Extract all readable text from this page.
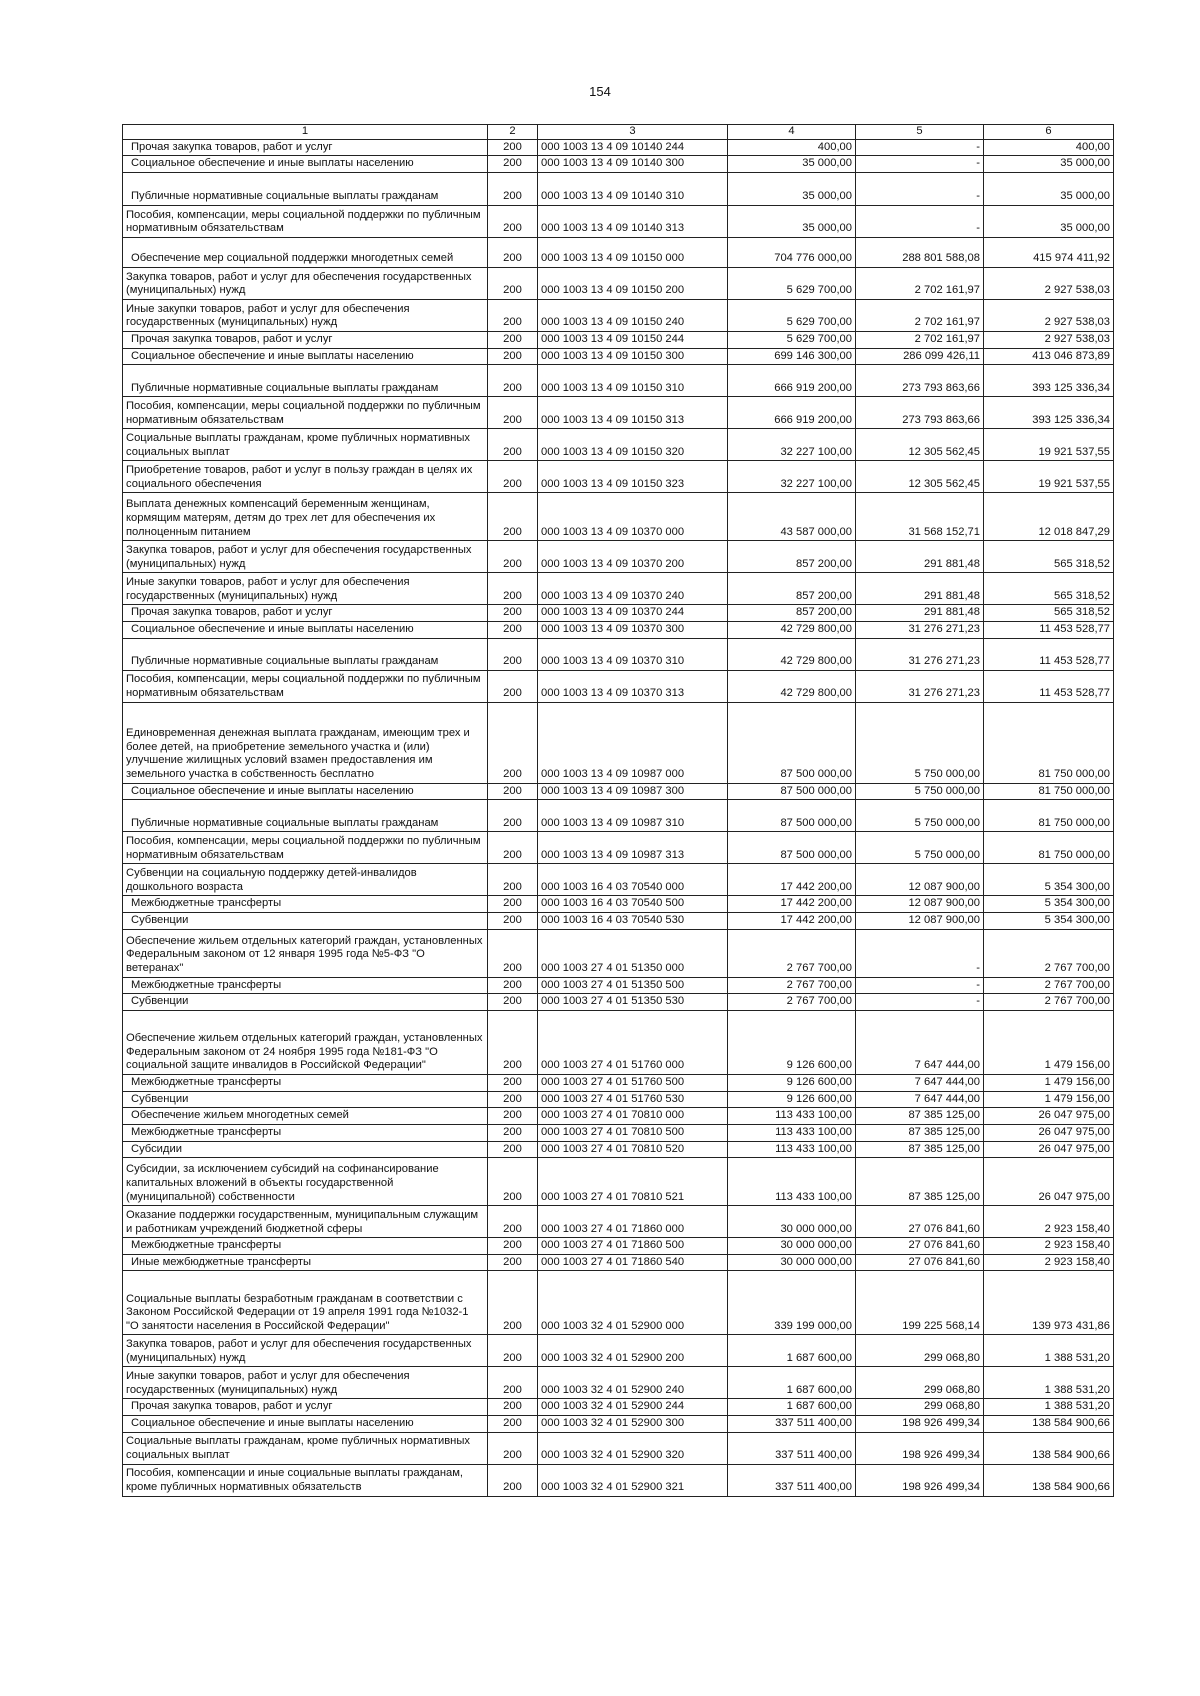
154
1	2	3	4	5	6
Прочая закупка товаров, работ и услуг	200	000 1003 13 4 09 10140 244	400,00	-	400,00
Социальное обеспечение и иные выплаты населению	200	000 1003 13 4 09 10140 300	35 000,00	-	35 000,00
Публичные нормативные социальные выплаты гражданам	200	000 1003 13 4 09 10140 310	35 000,00	-	35 000,00
Пособия, компенсации, меры социальной поддержки по публичным нормативным обязательствам	200	000 1003 13 4 09 10140 313	35 000,00	-	35 000,00
Обеспечение мер социальной поддержки многодетных семей	200	000 1003 13 4 09 10150 000	704 776 000,00	288 801 588,08	415 974 411,92
Закупка товаров, работ и услуг для обеспечения государственных (муниципальных) нужд	200	000 1003 13 4 09 10150 200	5 629 700,00	2 702 161,97	2 927 538,03
Иные закупки товаров, работ и услуг для обеспечения государственных (муниципальных) нужд	200	000 1003 13 4 09 10150 240	5 629 700,00	2 702 161,97	2 927 538,03
Прочая закупка товаров, работ и услуг	200	000 1003 13 4 09 10150 244	5 629 700,00	2 702 161,97	2 927 538,03
Социальное обеспечение и иные выплаты населению	200	000 1003 13 4 09 10150 300	699 146 300,00	286 099 426,11	413 046 873,89
Публичные нормативные социальные выплаты гражданам	200	000 1003 13 4 09 10150 310	666 919 200,00	273 793 863,66	393 125 336,34
Пособия, компенсации, меры социальной поддержки по публичным нормативным обязательствам	200	000 1003 13 4 09 10150 313	666 919 200,00	273 793 863,66	393 125 336,34
Социальные выплаты гражданам, кроме публичных нормативных социальных выплат	200	000 1003 13 4 09 10150 320	32 227 100,00	12 305 562,45	19 921 537,55
Приобретение товаров, работ и услуг в пользу граждан в целях их социального обеспечения	200	000 1003 13 4 09 10150 323	32 227 100,00	12 305 562,45	19 921 537,55
Выплата денежных компенсаций беременным женщинам, кормящим матерям, детям до трех лет для обеспечения их полноценным питанием	200	000 1003 13 4 09 10370 000	43 587 000,00	31 568 152,71	12 018 847,29
Закупка товаров, работ и услуг для обеспечения государственных (муниципальных) нужд	200	000 1003 13 4 09 10370 200	857 200,00	291 881,48	565 318,52
Иные закупки товаров, работ и услуг для обеспечения государственных (муниципальных) нужд	200	000 1003 13 4 09 10370 240	857 200,00	291 881,48	565 318,52
Прочая закупка товаров, работ и услуг	200	000 1003 13 4 09 10370 244	857 200,00	291 881,48	565 318,52
Социальное обеспечение и иные выплаты населению	200	000 1003 13 4 09 10370 300	42 729 800,00	31 276 271,23	11 453 528,77
Публичные нормативные социальные выплаты гражданам	200	000 1003 13 4 09 10370 310	42 729 800,00	31 276 271,23	11 453 528,77
Пособия, компенсации, меры социальной поддержки по публичным нормативным обязательствам	200	000 1003 13 4 09 10370 313	42 729 800,00	31 276 271,23	11 453 528,77
Единовременная денежная выплата гражданам, имеющим трех и более детей, на приобретение земельного участка и (или) улучшение жилищных условий взамен предоставления им земельного участка в собственность бесплатно	200	000 1003 13 4 09 10987 000	87 500 000,00	5 750 000,00	81 750 000,00
Социальное обеспечение и иные выплаты населению	200	000 1003 13 4 09 10987 300	87 500 000,00	5 750 000,00	81 750 000,00
Публичные нормативные социальные выплаты гражданам	200	000 1003 13 4 09 10987 310	87 500 000,00	5 750 000,00	81 750 000,00
Пособия, компенсации, меры социальной поддержки по публичным нормативным обязательствам	200	000 1003 13 4 09 10987 313	87 500 000,00	5 750 000,00	81 750 000,00
Субвенции на социальную поддержку детей-инвалидов дошкольного возраста	200	000 1003 16 4 03 70540 000	17 442 200,00	12 087 900,00	5 354 300,00
Межбюджетные трансферты	200	000 1003 16 4 03 70540 500	17 442 200,00	12 087 900,00	5 354 300,00
Субвенции	200	000 1003 16 4 03 70540 530	17 442 200,00	12 087 900,00	5 354 300,00
Обеспечение жильем отдельных категорий граждан, установленных Федеральным законом от 12 января 1995 года №5-ФЗ "О ветеранах"	200	000 1003 27 4 01 51350 000	2 767 700,00	-	2 767 700,00
Межбюджетные трансферты	200	000 1003 27 4 01 51350 500	2 767 700,00	-	2 767 700,00
Субвенции	200	000 1003 27 4 01 51350 530	2 767 700,00	-	2 767 700,00
Обеспечение жильем отдельных категорий граждан, установленных Федеральным законом от 24 ноября 1995 года №181-ФЗ "О социальной защите инвалидов в Российской Федерации"	200	000 1003 27 4 01 51760 000	9 126 600,00	7 647 444,00	1 479 156,00
Межбюджетные трансферты	200	000 1003 27 4 01 51760 500	9 126 600,00	7 647 444,00	1 479 156,00
Субвенции	200	000 1003 27 4 01 51760 530	9 126 600,00	7 647 444,00	1 479 156,00
Обеспечение жильем многодетных семей	200	000 1003 27 4 01 70810 000	113 433 100,00	87 385 125,00	26 047 975,00
Межбюджетные трансферты	200	000 1003 27 4 01 70810 500	113 433 100,00	87 385 125,00	26 047 975,00
Субсидии	200	000 1003 27 4 01 70810 520	113 433 100,00	87 385 125,00	26 047 975,00
Субсидии, за исключением субсидий на софинансирование капитальных вложений в объекты государственной (муниципальной) собственности	200	000 1003 27 4 01 70810 521	113 433 100,00	87 385 125,00	26 047 975,00
Оказание поддержки государственным, муниципальным служащим и работникам учреждений бюджетной сферы	200	000 1003 27 4 01 71860 000	30 000 000,00	27 076 841,60	2 923 158,40
Межбюджетные трансферты	200	000 1003 27 4 01 71860 500	30 000 000,00	27 076 841,60	2 923 158,40
Иные межбюджетные трансферты	200	000 1003 27 4 01 71860 540	30 000 000,00	27 076 841,60	2 923 158,40
Социальные выплаты безработным гражданам в соответствии с Законом Российской Федерации от 19 апреля 1991 года №1032-1 "О занятости населения в Российской Федерации"	200	000 1003 32 4 01 52900 000	339 199 000,00	199 225 568,14	139 973 431,86
Закупка товаров, работ и услуг для обеспечения государственных (муниципальных) нужд	200	000 1003 32 4 01 52900 200	1 687 600,00	299 068,80	1 388 531,20
Иные закупки товаров, работ и услуг для обеспечения государственных (муниципальных) нужд	200	000 1003 32 4 01 52900 240	1 687 600,00	299 068,80	1 388 531,20
Прочая закупка товаров, работ и услуг	200	000 1003 32 4 01 52900 244	1 687 600,00	299 068,80	1 388 531,20
Социальное обеспечение и иные выплаты населению	200	000 1003 32 4 01 52900 300	337 511 400,00	198 926 499,34	138 584 900,66
Социальные выплаты гражданам, кроме публичных нормативных социальных выплат	200	000 1003 32 4 01 52900 320	337 511 400,00	198 926 499,34	138 584 900,66
Пособия, компенсации и иные социальные выплаты гражданам, кроме публичных нормативных обязательств	200	000 1003 32 4 01 52900 321	337 511 400,00	198 926 499,34	138 584 900,66
